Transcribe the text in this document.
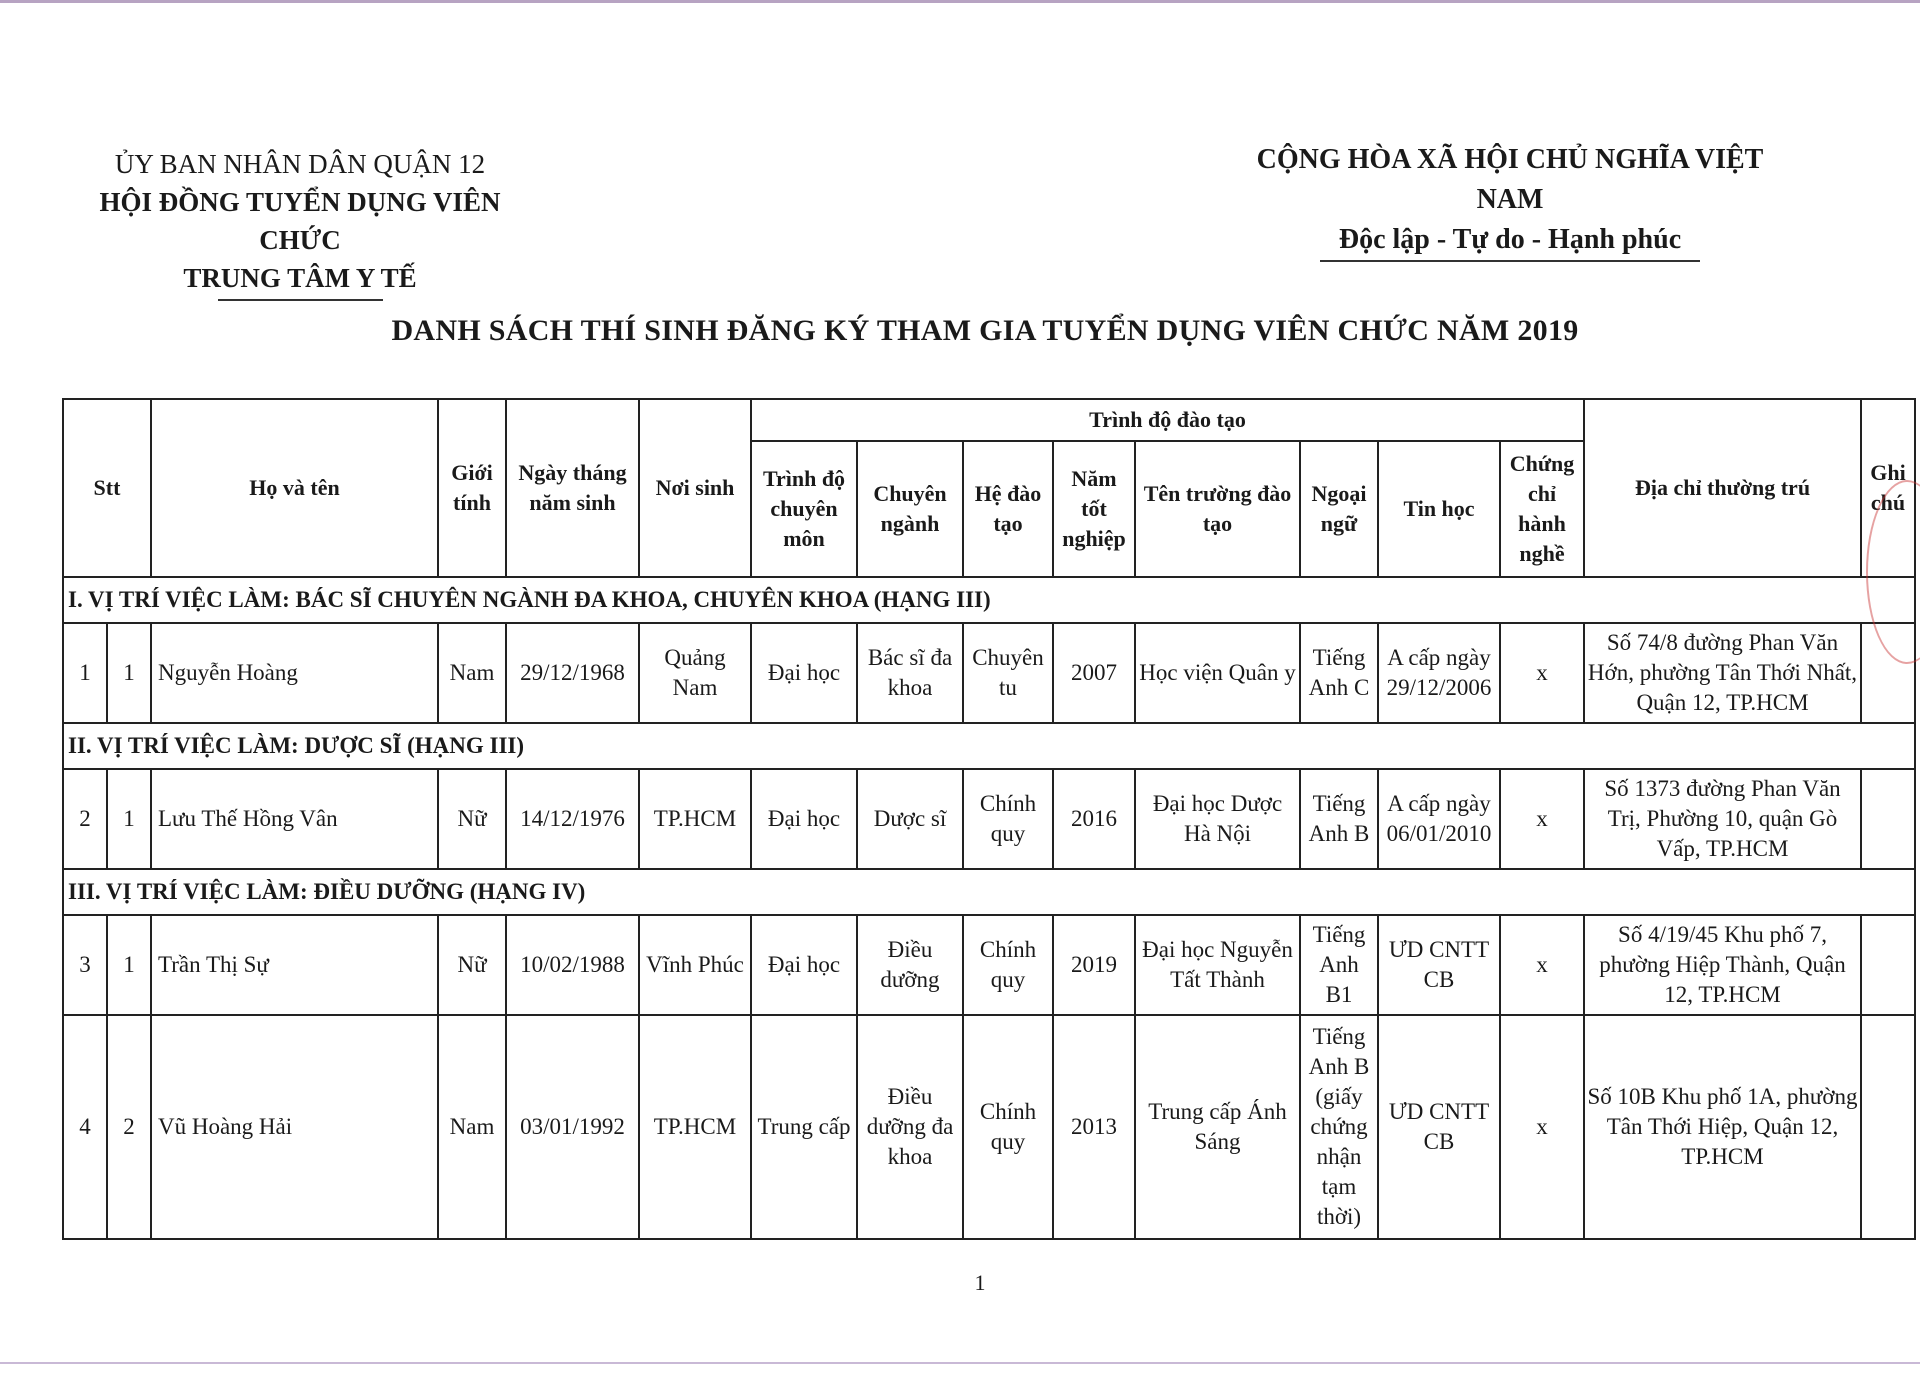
ỦY BAN NHÂN DÂN QUẬN 12
HỘI ĐỒNG TUYỂN DỤNG VIÊN CHỨC
TRUNG TÂM Y TẾ
CỘNG HÒA XÃ HỘI CHỦ NGHĨA VIỆT NAM
Độc lập - Tự do - Hạnh phúc
DANH SÁCH THÍ SINH ĐĂNG KÝ THAM GIA TUYỂN DỤNG VIÊN CHỨC NĂM 2019
Stt		Họ và tên	Giới tính	Ngày tháng năm sinh	Nơi sinh	Trình độ đào tạo								Địa chỉ thường trú	Ghi chú
						Trình độ chuyên môn	Chuyên ngành	Hệ đào tạo	Năm tốt nghiệp	Tên trường đào tạo	Ngoại ngữ	Tin học	Chứng chỉ hành nghề		
I. VỊ TRÍ VIỆC LÀM: BÁC SĨ CHUYÊN NGÀNH ĐA KHOA, CHUYÊN KHOA (HẠNG III)															
1	1	Nguyễn Hoàng	Nam	29/12/1968	Quảng Nam	Đại học	Bác sĩ đa khoa	Chuyên tu	2007	Học viện Quân y	Tiếng Anh C	A cấp ngày 29/12/2006	x	Số 74/8 đường Phan Văn Hớn, phường Tân Thới Nhất, Quận 12, TP.HCM	
II. VỊ TRÍ VIỆC LÀM: DƯỢC SĨ (HẠNG III)															
2	1	Lưu Thế Hồng Vân	Nữ	14/12/1976	TP.HCM	Đại học	Dược sĩ	Chính quy	2016	Đại học Dược Hà Nội	Tiếng Anh B	A cấp ngày 06/01/2010	x	Số 1373 đường Phan Văn Trị, Phường 10, quận Gò Vấp, TP.HCM	
III. VỊ TRÍ VIỆC LÀM: ĐIỀU DƯỠNG (HẠNG IV)															
3	1	Trần Thị Sự	Nữ	10/02/1988	Vĩnh Phúc	Đại học	Điều dưỡng	Chính quy	2019	Đại học Nguyễn Tất Thành	Tiếng Anh B1	ƯD CNTT CB	x	Số 4/19/45 Khu phố 7, phường Hiệp Thành, Quận 12, TP.HCM	
4	2	Vũ Hoàng Hải	Nam	03/01/1992	TP.HCM	Trung cấp	Điều dưỡng đa khoa	Chính quy	2013	Trung cấp Ánh Sáng	Tiếng Anh B (giấy chứng nhận tạm thời)	ƯD CNTT CB	x	Số 10B Khu phố 1A, phường Tân Thới Hiệp, Quận 12, TP.HCM	
1
